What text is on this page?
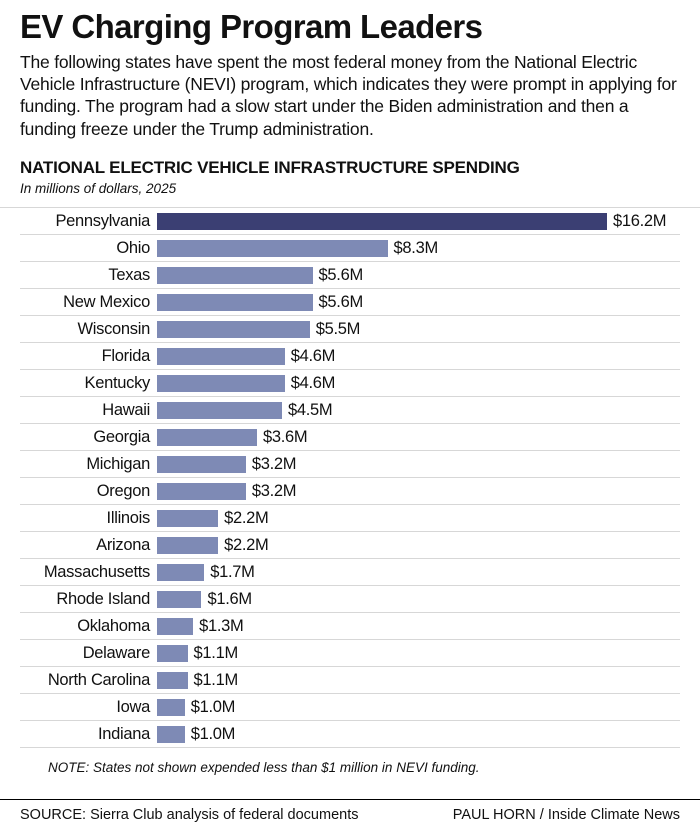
EV Charging Program Leaders

The following states have spent the most federal money from the National Electric Vehicle Infrastructure (NEVI) program, which indicates they were prompt in applying for funding. The program had a slow start under the Biden administration and then a funding freeze under the Trump administration.

NATIONAL ELECTRIC VEHICLE INFRASTRUCTURE SPENDING
In millions of dollars, 2025
Pennsylvania	$16.2M
Ohio	$8.3M
Texas	$5.6M
New Mexico	$5.6M
Wisconsin	$5.5M
Florida	$4.6M
Kentucky	$4.6M
Hawaii	$4.5M
Georgia	$3.6M
Michigan	$3.2M
Oregon	$3.2M
Illinois	$2.2M
Arizona	$2.2M
Massachusetts	$1.7M
Rhode Island	$1.6M
Oklahoma	$1.3M
Delaware	$1.1M
North Carolina	$1.1M
Iowa	$1.0M
Indiana	$1.0M
NOTE: States not shown expended less than $1 million in NEVI funding.
SOURCE: Sierra Club analysis of federal documents	PAUL HORN / Inside Climate News
